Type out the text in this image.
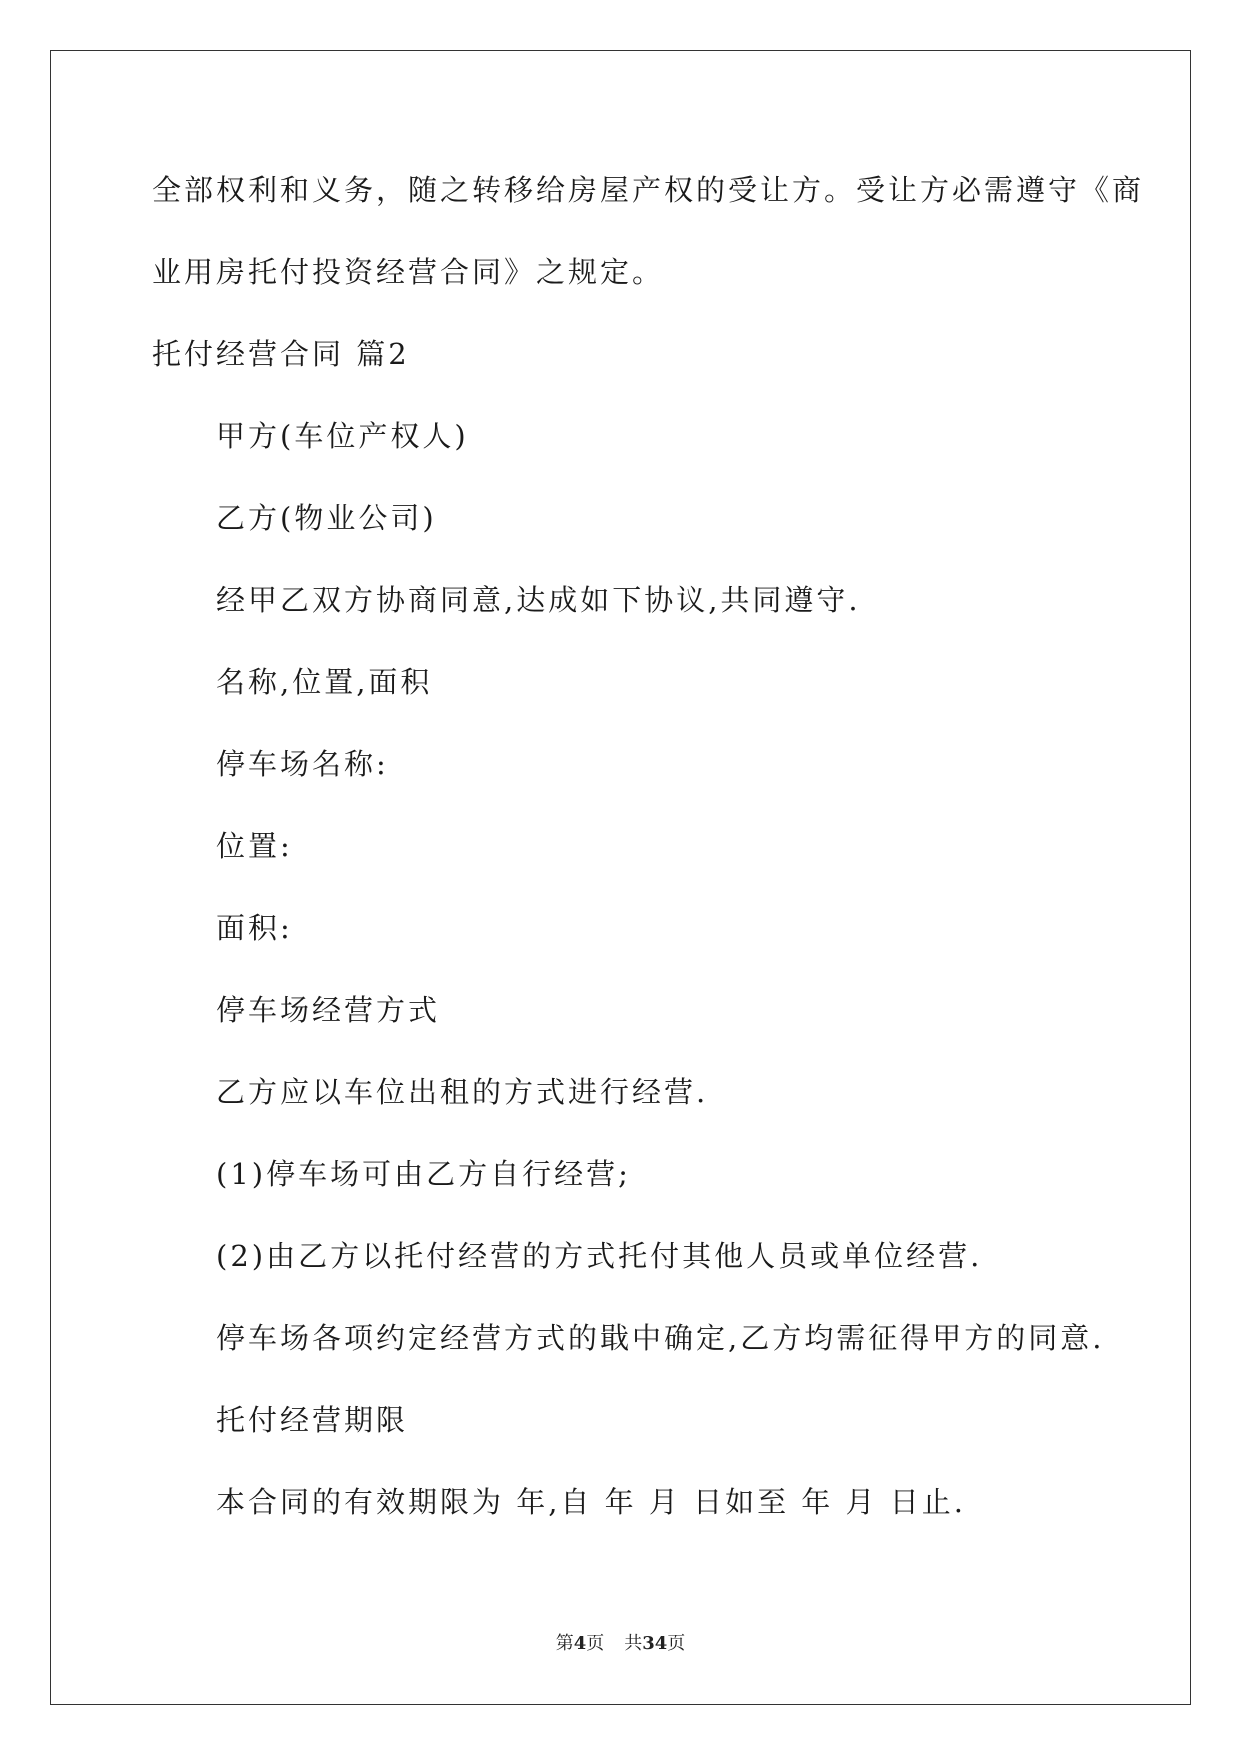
全部权利和义务，随之转移给房屋产权的受让方。受让方必需遵守《商
业用房托付投资经营合同》之规定。
托付经营合同 篇2
甲方(车位产权人)
乙方(物业公司)
经甲乙双方协商同意,达成如下协议,共同遵守.
名称,位置,面积
停车场名称:
位置:
面积:
停车场经营方式
乙方应以车位出租的方式进行经营.
(1)停车场可由乙方自行经营;
(2)由乙方以托付经营的方式托付其他人员或单位经营.
停车场各项约定经营方式的戢中确定,乙方均需征得甲方的同意.
托付经营期限
本合同的有效期限为 年,自 年 月 日如至 年 月 日止.
第4页 共34页
